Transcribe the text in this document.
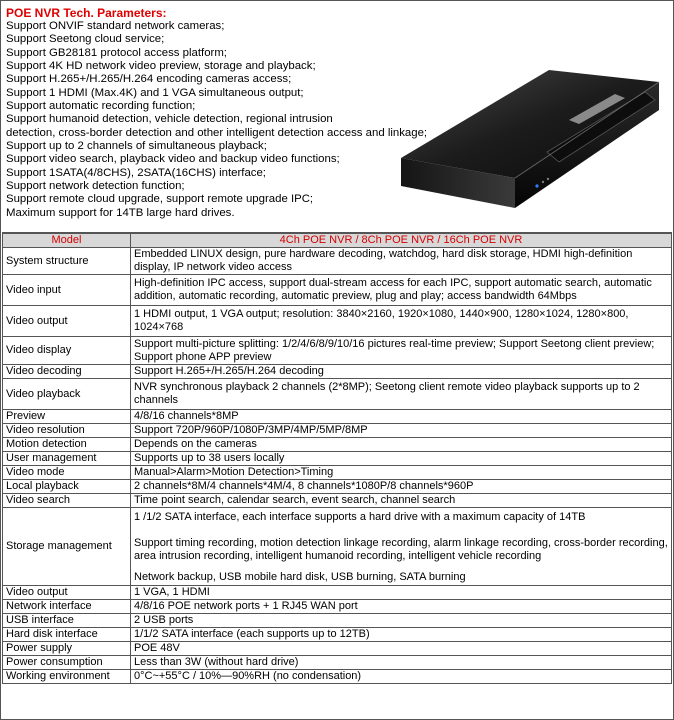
POE NVR Tech. Parameters:
Support ONVIF standard network cameras;
Support Seetong cloud service;
Support GB28181 protocol access platform;
Support 4K HD network video preview, storage and playback;
Support H.265+/H.265/H.264 encoding cameras access;
Support 1 HDMI (Max.4K) and 1 VGA simultaneous output;
Support automatic recording function;
Support humanoid detection, vehicle detection, regional intrusion
detection, cross-border detection and other intelligent detection access and linkage;
Support up to 2 channels of simultaneous playback;
Support video search, playback video and backup video functions;
Support 1SATA(4/8CHS), 2SATA(16CHS) interface;
Support network detection function;
Support remote cloud upgrade, support remote upgrade IPC;
Maximum support for 14TB large hard drives.
Model	4Ch POE NVR / 8Ch POE NVR / 16Ch POE NVR
System structure	Embedded LINUX design, pure hardware decoding, watchdog, hard disk storage, HDMI high-definition display, IP network video access
Video input	High-definition IPC access, support dual-stream access for each IPC, support automatic search, automatic addition, automatic recording, automatic preview, plug and play; access bandwidth 64Mbps
Video output	1 HDMI output, 1 VGA output; resolution: 3840×2160, 1920×1080, 1440×900, 1280×1024, 1280×800, 1024×768
Video display	Support multi-picture splitting: 1/2/4/6/8/9/10/16 pictures real-time preview; Support Seetong client preview; Support phone APP preview
Video decoding	Support H.265+/H.265/H.264 decoding
Video playback	NVR synchronous playback 2 channels (2*8MP); Seetong client remote video playback supports up to 2 channels
Preview	4/8/16 channels*8MP
Video resolution	Support 720P/960P/1080P/3MP/4MP/5MP/8MP
Motion detection	Depends on the cameras
User management	Supports up to 38 users locally
Video mode	Manual>Alarm>Motion Detection>Timing
Local playback	2 channels*8M/4 channels*4M/4, 8 channels*1080P/8 channels*960P
Video search	Time point search, calendar search, event search, channel search
Storage management	1 /1/2 SATA interface, each interface supports a hard drive with a maximum capacity of 14TB
Support timing recording, motion detection linkage recording, alarm linkage recording, cross-border recording, area intrusion recording, intelligent humanoid recording, intelligent vehicle recording
Network backup, USB mobile hard disk, USB burning, SATA burning

Video output	1 VGA, 1 HDMI
Network interface	4/8/16 POE network ports + 1 RJ45 WAN port
USB interface	2 USB ports
Hard disk interface	1/1/2 SATA interface (each supports up to 12TB)
Power supply	POE 48V
Power consumption	Less than 3W (without hard drive)
Working environment	0°C~+55°C / 10%—90%RH (no condensation)
